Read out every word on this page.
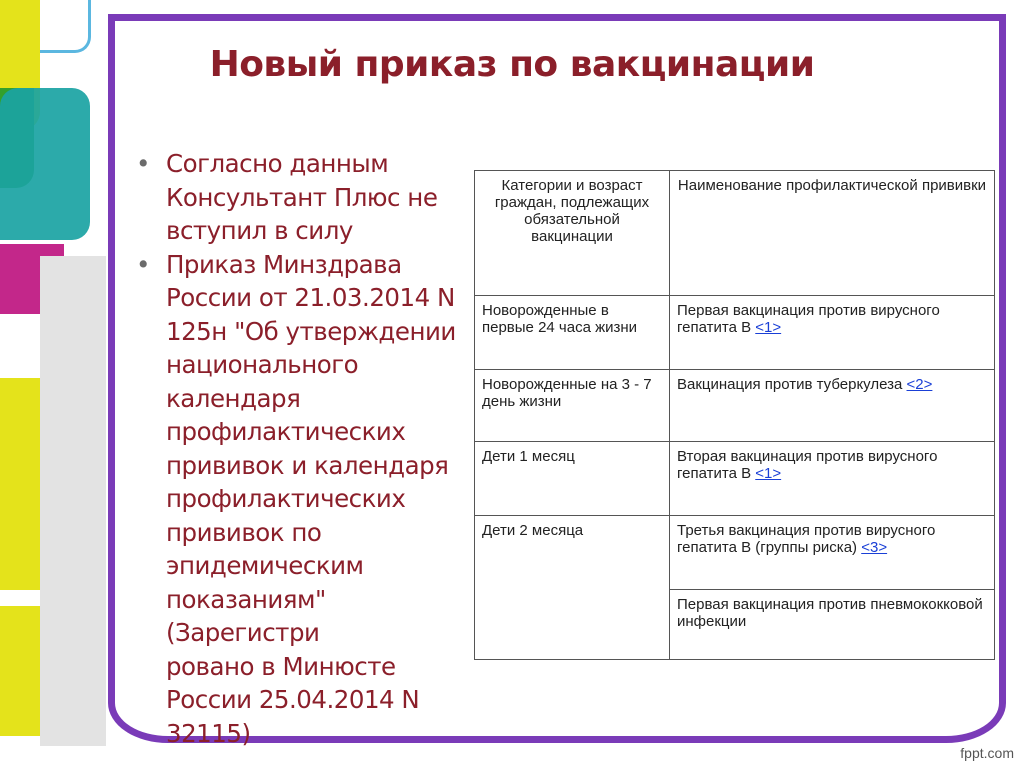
Новый приказ по вакцинации
• Согласно данным
Консультант Плюс не
вступил в силу
• Приказ Минздрава
России от 21.03.2014 N
125н "Об утверждении
национального
календаря
профилактических
прививок и календаря
профилактических
прививок по
эпидемическим
показаниям" (Зарегистри
ровано в Минюсте
России 25.04.2014 N
32115)
Категории и возраст граждан, подлежащих обязательной вакцинации	Наименование профилактической прививки
Новорожденные в первые 24 часа жизни	Первая вакцинация против вирусного гепатита В <1>
Новорожденные на 3 - 7 день жизни	Вакцинация против туберкулеза <2>
Дети 1 месяц	Вторая вакцинация против вирусного гепатита В <1>
Дети 2 месяца	Третья вакцинация против вирусного гепатита В (группы риска) <3>
	Первая вакцинация против пневмококковой инфекции
fppt.com
